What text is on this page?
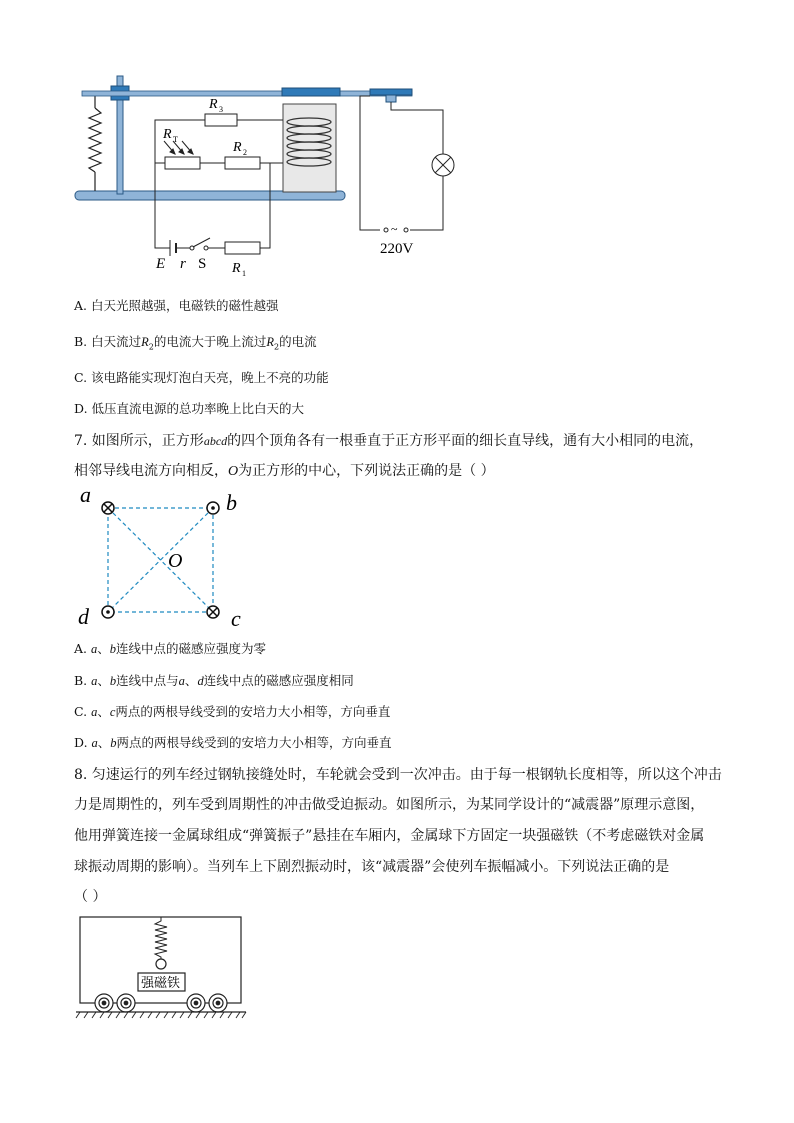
R 3
R T
R 2
R 1
E r S
~
220V
A. 白天光照越强，电磁铁的磁性越强
B. 白天流过$R_2$的电流大于晚上流过$R_2$的电流
C. 该电路能实现灯泡白天亮，晚上不亮的功能
D. 低压直流电源的总功率晚上比白天的大
7. 如图所示，正方形abcd的四个顶角各有一根垂直于正方形平面的细长直导线，通有大小相同的电流，
相邻导线电流方向相反，O为正方形的中心，下列说法正确的是（ ）
a	b
c
d
O
A. a、b连线中点的磁感应强度为零
B. a、b连线中点与a、d连线中点的磁感应强度相同
C. a、c两点的两根导线受到的安培力大小相等，方向垂直
D. a、b两点的两根导线受到的安培力大小相等，方向垂直
8. 匀速运行的列车经过钢轨接缝处时，车轮就会受到一次冲击。由于每一根钢轨长度相等，所以这个冲击
力是周期性的，列车受到周期性的冲击做受迫振动。如图所示，为某同学设计的“减震器”原理示意图，
他用弹簧连接一金属球组成“弹簧振子”悬挂在车厢内，金属球下方固定一块强磁铁（不考虑磁铁对金属
球振动周期的影响）。当列车上下剧烈振动时，该“减震器”会使列车振幅减小。下列说法正确的是
（ ）
强磁铁
